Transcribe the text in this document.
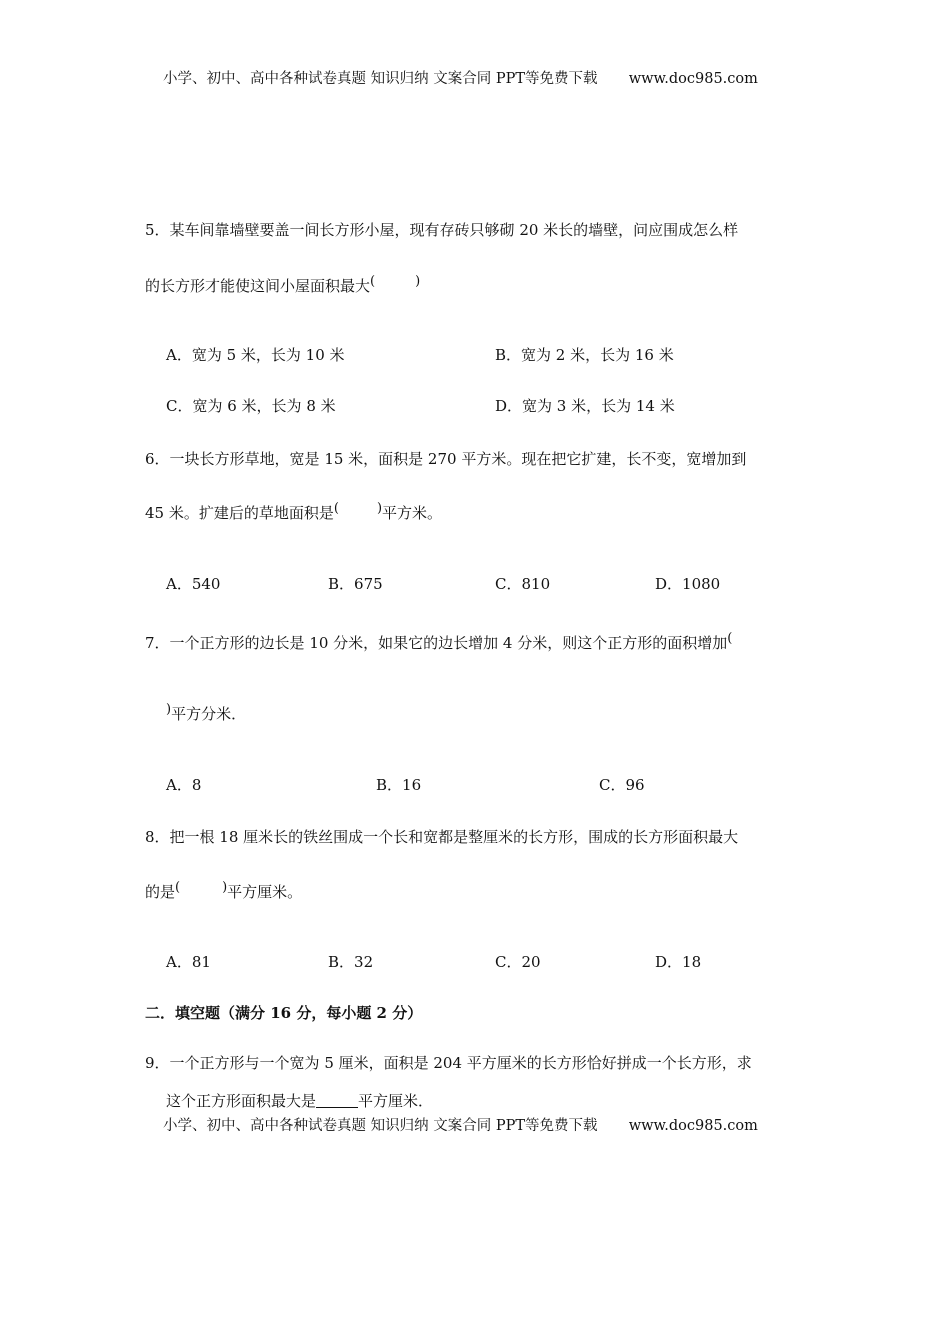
小学、初中、高中各种试卷真题 知识归纳 文案合同 PPT等免费下载 www.doc985.com
5．某车间靠墙壁要盖一间长方形小屋，现有存砖只够砌 20 米长的墙壁，问应围成怎么样
的长方形才能使这间小屋面积最大(	)
A．宽为 5 米，长为 10 米	B．宽为 2 米，长为 16 米
C．宽为 6 米，长为 8 米	D．宽为 3 米，长为 14 米
6．一块长方形草地，宽是 15 米，面积是 270 平方米。现在把它扩建，长不变，宽增加到
45 米。扩建后的草地面积是(	)平方米。
A．540	B．675	C．810	D．1080
7．一个正方形的边长是 10 分米，如果它的边长增加 4 分米，则这个正方形的面积增加(
)平方分米．
A．8	B．16	C．96
8．把一根 18 厘米长的铁丝围成一个长和宽都是整厘米的长方形，围成的长方形面积最大
的是(	)平方厘米。
A．81	B．32	C．20	D．18
二．填空题（满分 16 分，每小题 2 分）
9．一个正方形与一个宽为 5 厘米，面积是 204 平方厘米的长方形恰好拼成一个长方形，求
这个正方形面积最大是	平方厘米．
小学、初中、高中各种试卷真题 知识归纳 文案合同 PPT等免费下载 www.doc985.com
